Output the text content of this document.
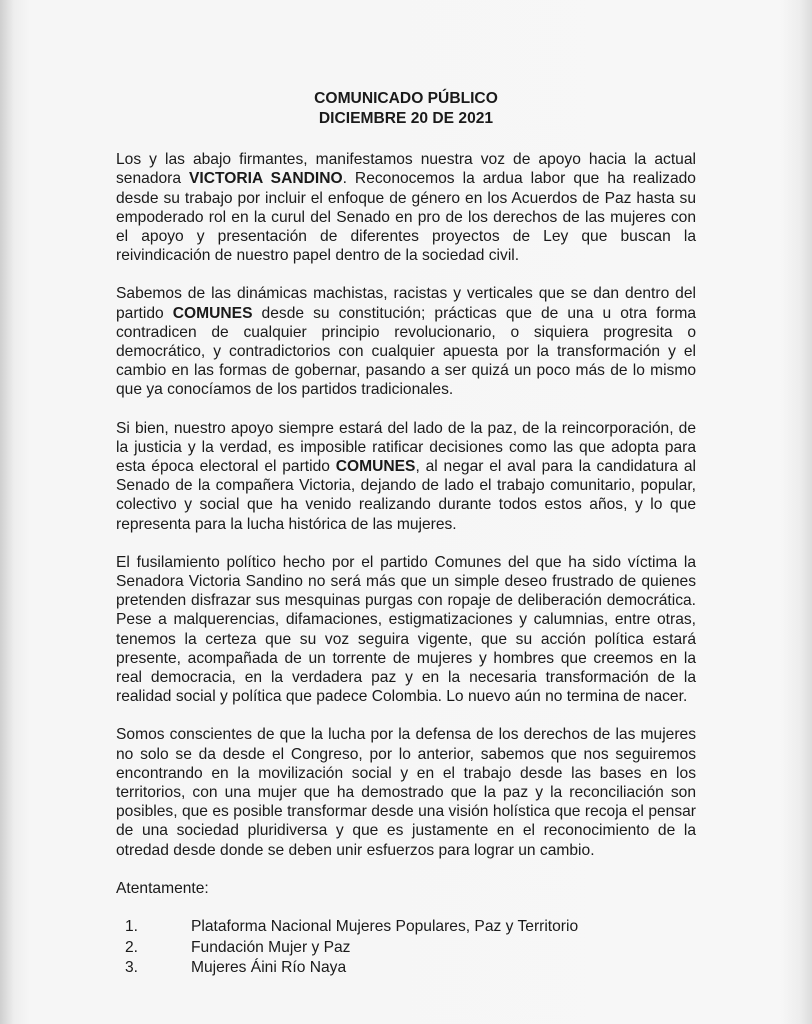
COMUNICADO PÚBLICO
DICIEMBRE 20 DE 2021

Los y las abajo firmantes, manifestamos nuestra voz de apoyo hacia la actual senadora VICTORIA SANDINO. Reconocemos la ardua labor que ha realizado desde su trabajo por incluir el enfoque de género en los Acuerdos de Paz hasta su empoderado rol en la curul del Senado en pro de los derechos de las mujeres con el apoyo y presentación de diferentes proyectos de Ley que buscan la reivindicación de nuestro papel dentro de la sociedad civil.

Sabemos de las dinámicas machistas, racistas y verticales que se dan dentro del partido COMUNES desde su constitución; prácticas que de una u otra forma contradicen de cualquier principio revolucionario, o siquiera progresita o democrático, y contradictorios con cualquier apuesta por la transformación y el cambio en las formas de gobernar, pasando a ser quizá un poco más de lo mismo que ya conocíamos de los partidos tradicionales.

Si bien, nuestro apoyo siempre estará del lado de la paz, de la reincorporación, de la justicia y la verdad, es imposible ratificar decisiones como las que adopta para esta época electoral el partido COMUNES, al negar el aval para la candidatura al Senado de la compañera Victoria, dejando de lado el trabajo comunitario, popular, colectivo y social que ha venido realizando durante todos estos años, y lo que representa para la lucha histórica de las mujeres.

El fusilamiento político hecho por el partido Comunes del que ha sido víctima la Senadora Victoria Sandino no será más que un simple deseo frustrado de quienes pretenden disfrazar sus mesquinas purgas con ropaje de deliberación democrática. Pese a malquerencias, difamaciones, estigmatizaciones y calumnias, entre otras, tenemos la certeza que su voz seguira vigente, que su acción política estará presente, acompañada de un torrente de mujeres y hombres que creemos en la real democracia, en la verdadera paz y en la necesaria transformación de la realidad social y política que padece Colombia. Lo nuevo aún no termina de nacer.

Somos conscientes de que la lucha por la defensa de los derechos de las mujeres no solo se da desde el Congreso, por lo anterior, sabemos que nos seguiremos encontrando en la movilización social y en el trabajo desde las bases en los territorios, con una mujer que ha demostrado que la paz y la reconciliación son posibles, que es posible transformar desde una visión holística que recoja el pensar de una sociedad pluridiversa y que es justamente en el reconocimiento de la otredad desde donde se deben unir esfuerzos para lograr un cambio.

Atentamente:
1.	Plataforma Nacional Mujeres Populares, Paz y Territorio
2.	Fundación Mujer y Paz
3.	Mujeres Áini Río Naya
